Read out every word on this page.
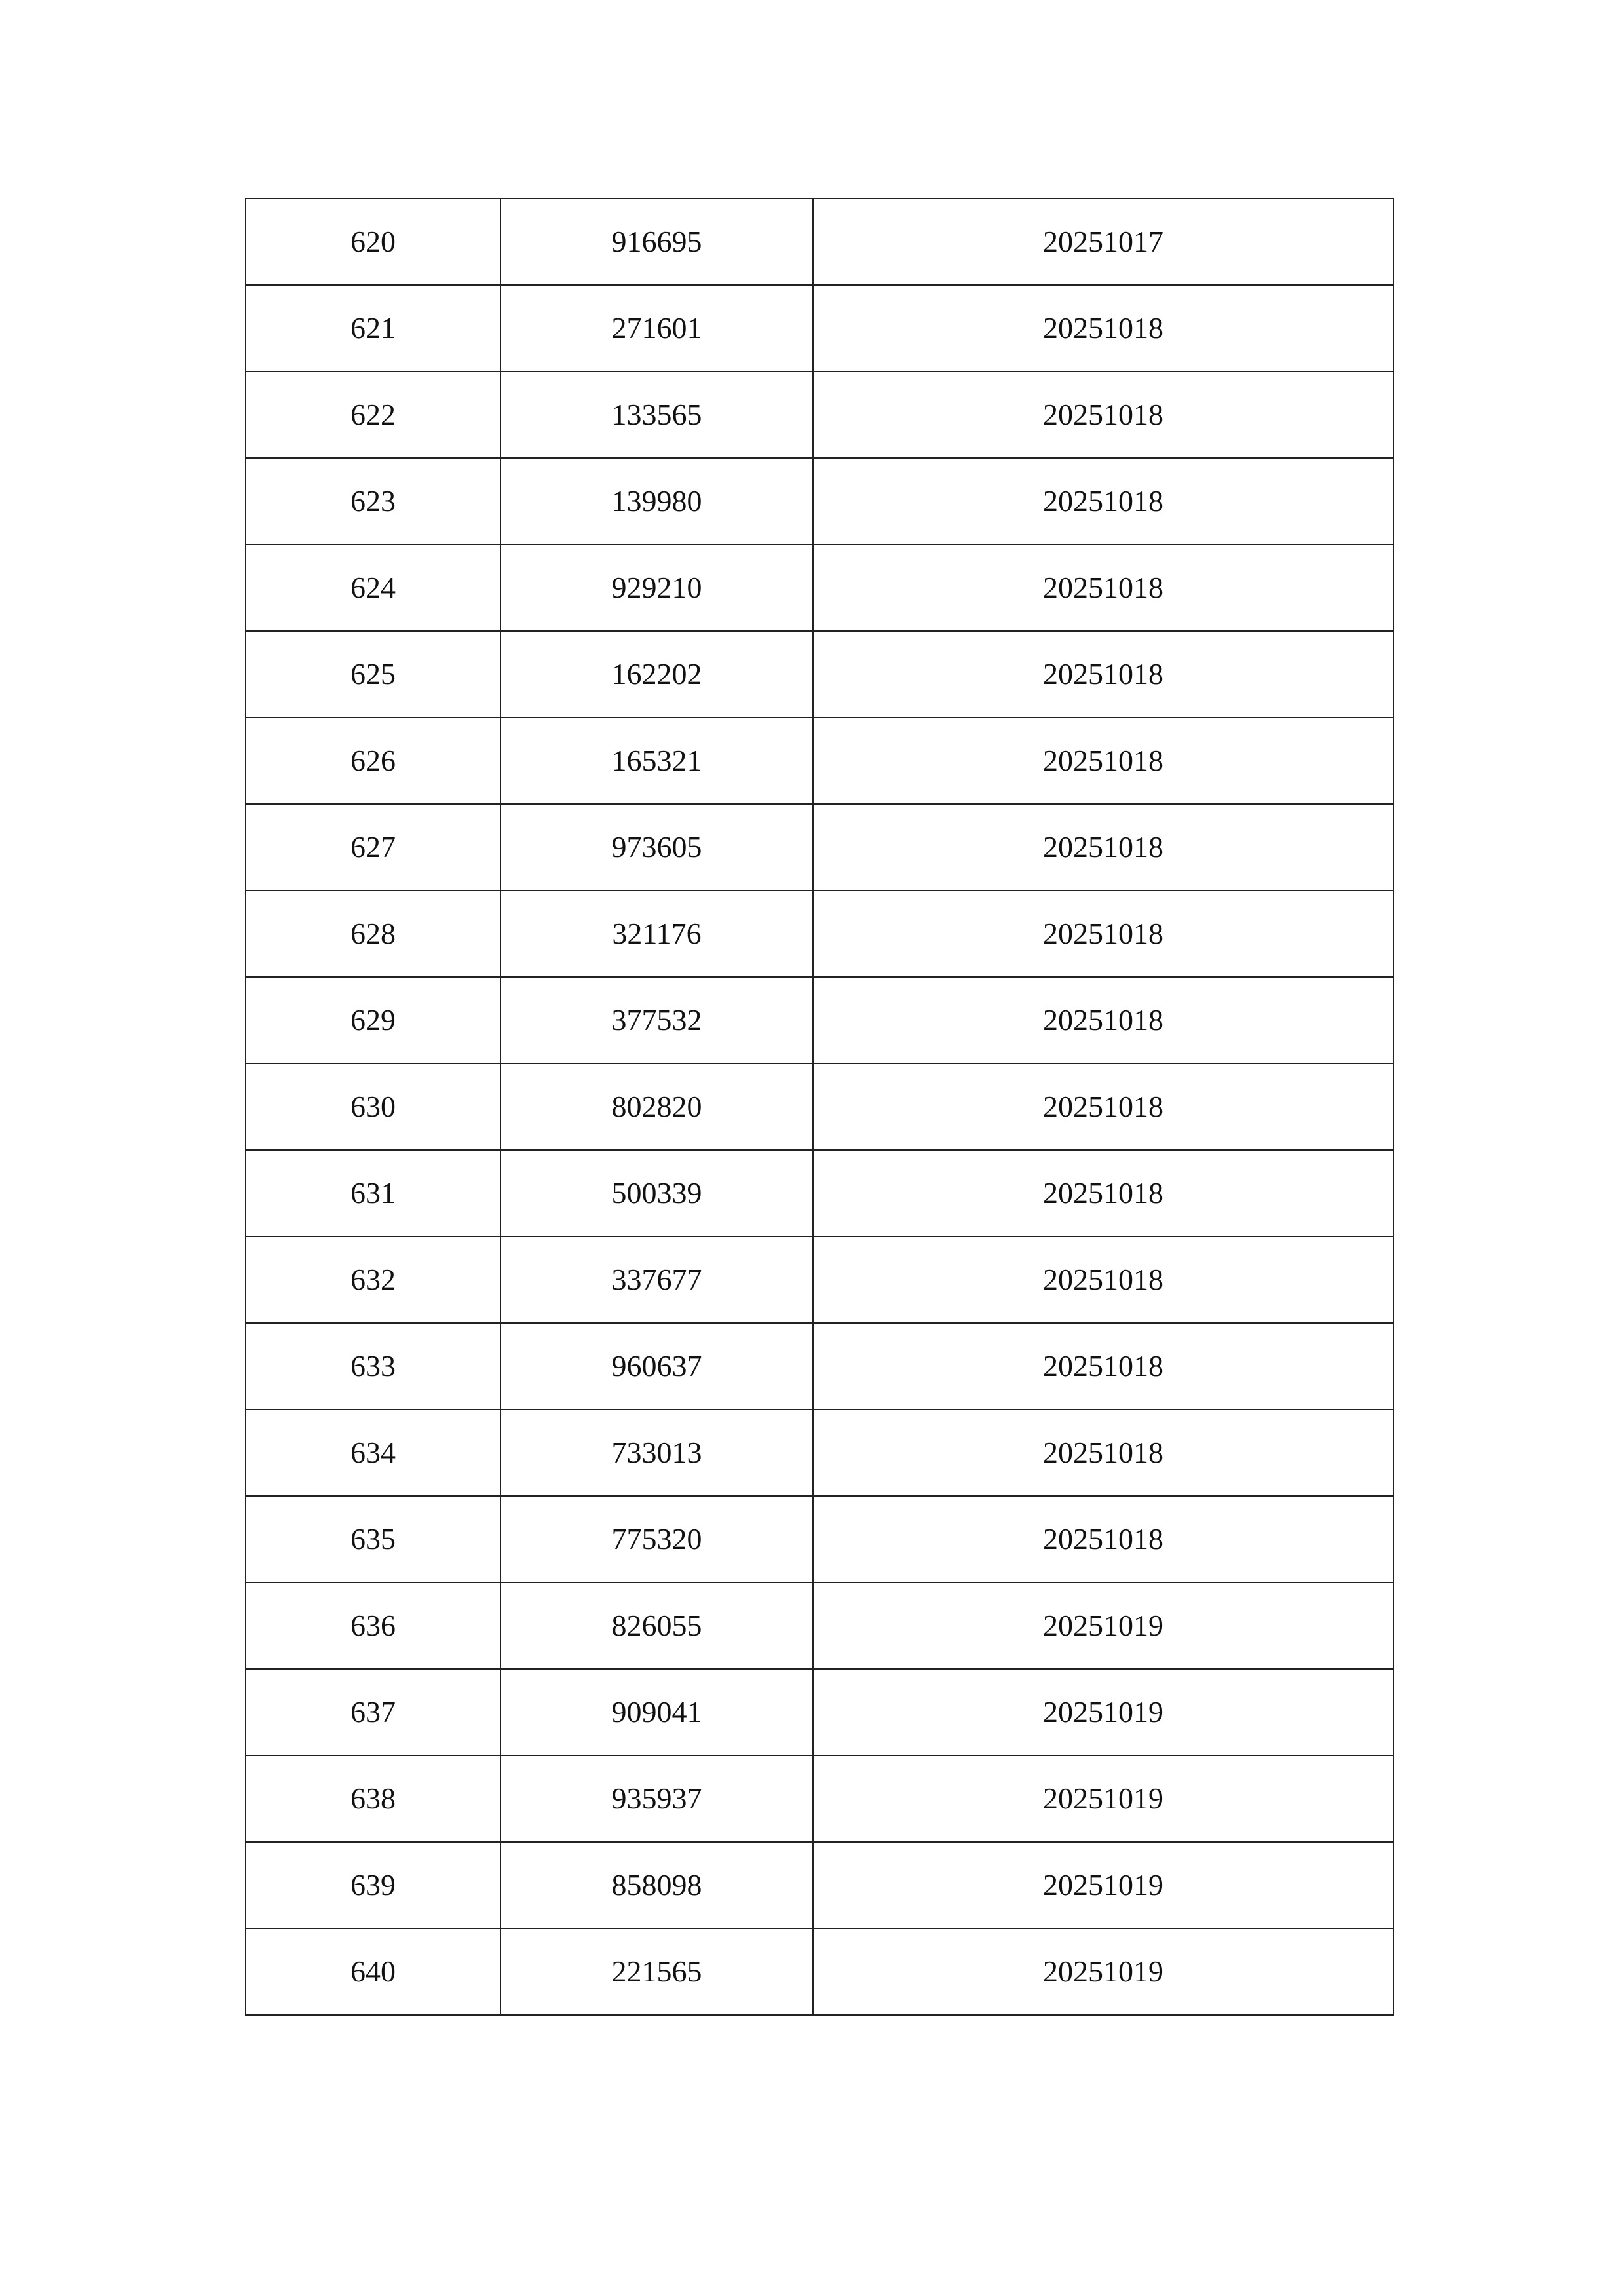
620	916695	20251017
621	271601	20251018
622	133565	20251018
623	139980	20251018
624	929210	20251018
625	162202	20251018
626	165321	20251018
627	973605	20251018
628	321176	20251018
629	377532	20251018
630	802820	20251018
631	500339	20251018
632	337677	20251018
633	960637	20251018
634	733013	20251018
635	775320	20251018
636	826055	20251019
637	909041	20251019
638	935937	20251019
639	858098	20251019
640	221565	20251019
